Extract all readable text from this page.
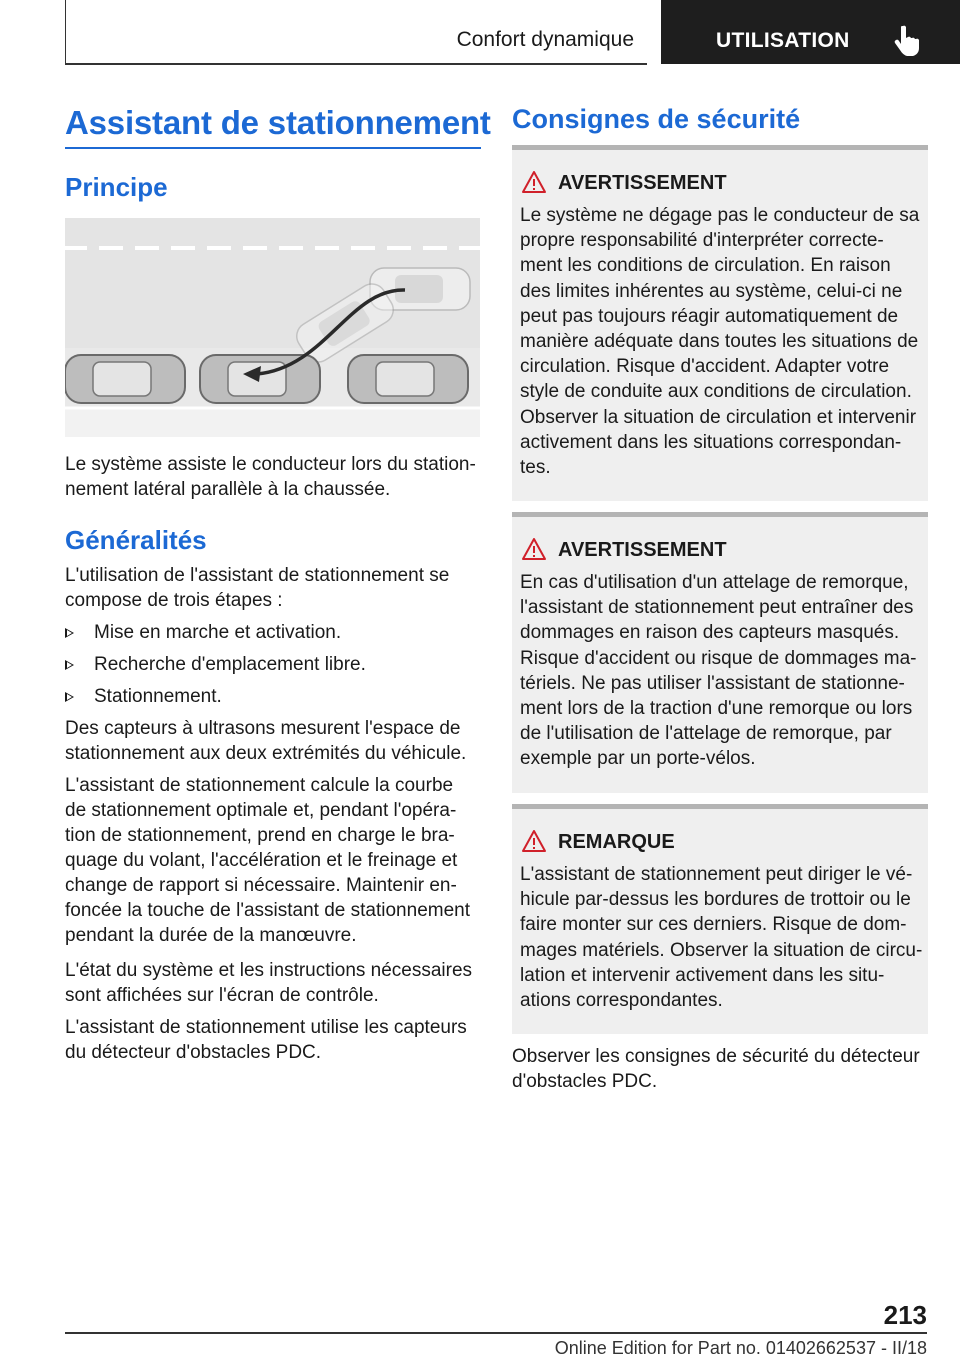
Confort dynamique	UTILISATION
Assistant de stationnement
Principe
Le système assiste le conducteur lors du station-
nement latéral parallèle à la chaussée.
Généralités
L'utilisation de l'assistant de stationnement se
compose de trois étapes :
Mise en marche et activation.
Recherche d'emplacement libre.
Stationnement.
Des capteurs à ultrasons mesurent l'espace de
stationnement aux deux extrémités du véhicule.
L'assistant de stationnement calcule la courbe
de stationnement optimale et, pendant l'opéra-
tion de stationnement, prend en charge le bra-
quage du volant, l'accélération et le freinage et
change de rapport si nécessaire. Maintenir en-
foncée la touche de l'assistant de stationnement
pendant la durée de la manœuvre.
L'état du système et les instructions nécessaires
sont affichées sur l'écran de contrôle.
L'assistant de stationnement utilise les capteurs
du détecteur d'obstacles PDC.
Consignes de sécurité
AVERTISSEMENT
Le système ne dégage pas le conducteur de sa
propre responsabilité d'interpréter correcte-
ment les conditions de circulation. En raison
des limites inhérentes au système, celui-ci ne
peut pas toujours réagir automatiquement de
manière adéquate dans toutes les situations de
circulation. Risque d'accident. Adapter votre
style de conduite aux conditions de circulation.
Observer la situation de circulation et intervenir
activement dans les situations correspondan-
tes.
AVERTISSEMENT
En cas d'utilisation d'un attelage de remorque,
l'assistant de stationnement peut entraîner des
dommages en raison des capteurs masqués.
Risque d'accident ou risque de dommages ma-
tériels. Ne pas utiliser l'assistant de stationne-
ment lors de la traction d'une remorque ou lors
de l'utilisation de l'attelage de remorque, par
exemple par un porte-vélos.
REMARQUE
L'assistant de stationnement peut diriger le vé-
hicule par-dessus les bordures de trottoir ou le
faire monter sur ces derniers. Risque de dom-
mages matériels. Observer la situation de circu-
lation et intervenir activement dans les situ-
ations correspondantes.
Observer les consignes de sécurité du détecteur
d'obstacles PDC.
213
Online Edition for Part no. 01402662537 - II/18
